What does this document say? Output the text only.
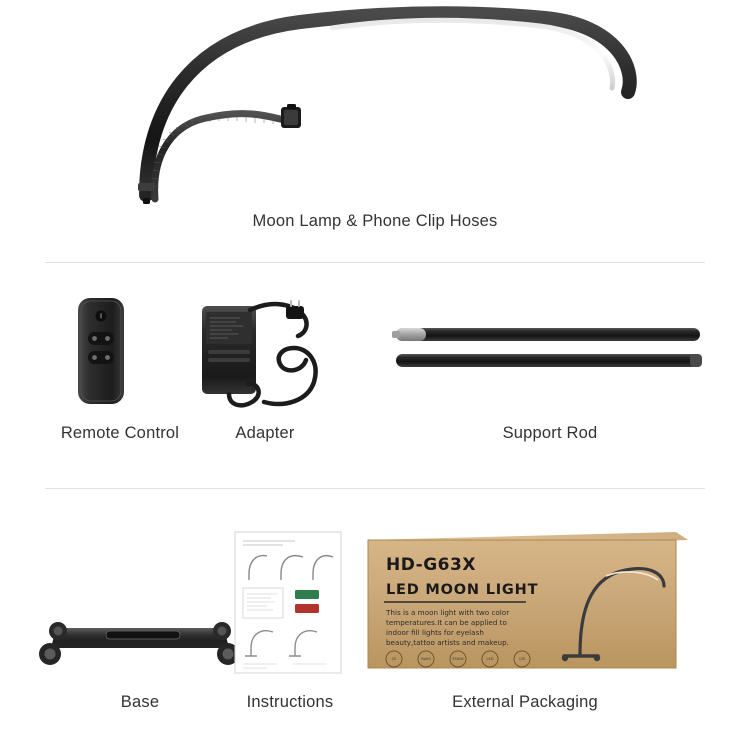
Moon Lamp & Phone Clip Hoses
Remote Control	Adapter	Support Rod
HD-G63X
LED MOON LIGHT
This is a moon light with two color
temperatures.It can be applied to
indoor fill lights for eyelash
beauty,tattoo artists and makeup.
CE	RoHS	5500K	LED	CRI
Base	Instructions	External Packaging
